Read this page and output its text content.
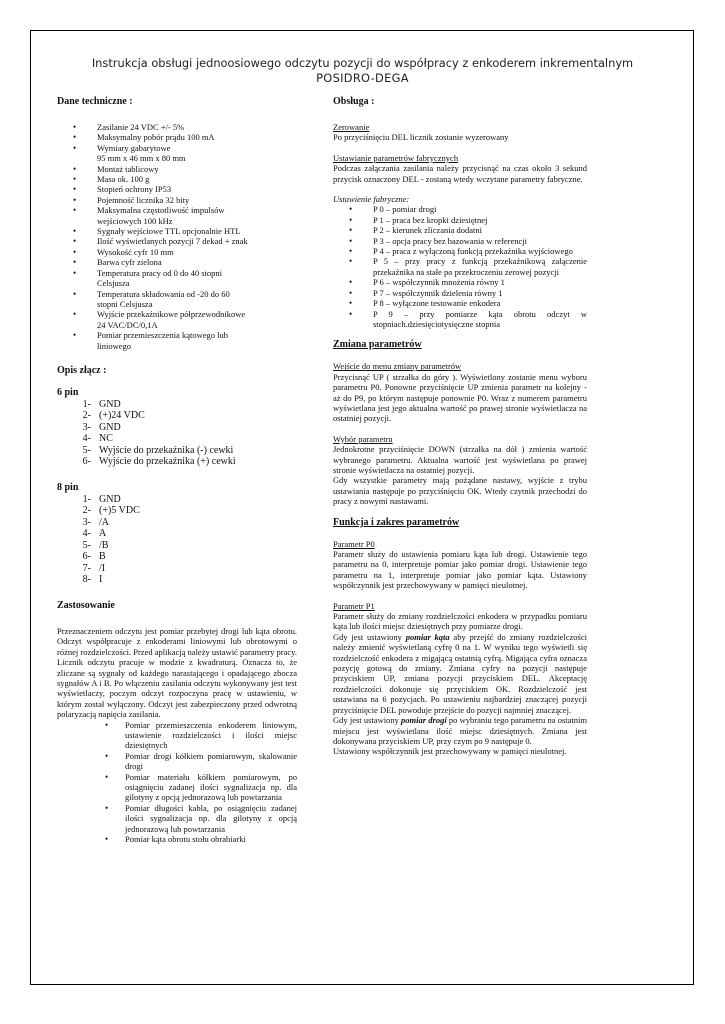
Instrukcja obsługi jednoosiowego odczytu pozycji do współpracy z enkoderem inkrementalnym
POSIDRO-DEGA

Dane techniczne :

• Zasilanie 24 VDC +/- 5%
• Maksymalny pobór prądu 100 mA
• Wymiary gabarytowe
95 mm x 46 mm x 80 mm
• Montaż tablicowy
• Masa ok. 100 g
• Stopień ochrony IP53
• Pojemność licznika 32 bity
• Maksymalna częstotliwość impulsów
wejściowych 100 kHz
• Sygnały wejściowe TTL opcjonalnie HTL
• Ilość wyświetlanych pozycji 7 dekad + znak
• Wysokość cyfr 10 mm
• Barwa cyfr zielona
• Temperatura pracy od 0 do 40 stopni
Celsjusza
• Temperatura składowania od -20 do 60
stopni Celsjusza
• Wyjście przekaźnikowe półprzewodnikowe
24 VAC/DC/0,1A
• Pomiar przemieszczenia kątowego lub
liniowego

Opis złącz :

6 pin

1- GND
2- (+)24 VDC
3- GND
4- NC
5- Wyjście do przekaźnika (-) cewki
6- Wyjście do przekaźnika (+) cewki

8 pin

1- GND
2- (+)5 VDC
3- /A
4- A
5- /B
6- B
7- /I
8- I

Zastosowanie

Przeznaczeniem odczytu jest pomiar przebytej drogi lub kąta obrotu. Odczyt współpracuje z enkoderami liniowymi lub obrotowymi o różnej rozdzielczości. Przed aplikacją należy ustawić parametry pracy. Licznik odczytu pracuje w modzie z kwadraturą. Oznacza to, że zliczane są sygnały od każdego narastającego i opadającego zbocza sygnałów A i B. Po włączeniu zasilania odczytu wykonywany jest test wyświetlaczy, poczym odczyt rozpoczyna pracę w ustawieniu, w którym został wyłączony. Odczyt jest zabezpieczony przed odwrotną polaryzacją napięcia zasilania.

• Pomiar przemieszczenia enkoderem liniowym, ustawienie rozdzielczości i ilości miejsc dziesiętnych
• Pomiar drogi kółkiem pomiarowym, skalowanie drogi
• Pomiar materiału kółkiem pomiarowym, po osiągnięciu zadanej ilości sygnalizacja np. dla gilotyny z opcją jednorazową lub powtarzania
• Pomiar długości kabla, po osiągnięciu zadanej ilości sygnalizacja np. dla gilotyny z opcją jednorazową lub powtarzania
• Pomiar kąta obrotu stołu obrabiarki

Obsługa :

Zerowanie

Po przyciśnięciu DEL licznik zostanie wyzerowany

Ustawianie parametrów fabrycznych

Podczas załączania zasilania należy przycisnąć na czas około 3 sekund przycisk oznaczony DEL - zostaną wtedy wczytane parametry fabryczne.

Ustawienie fabryczne:

• P 0 – pomiar drogi
• P 1 – praca bez kropki dziesiętnej
• P 2 – kierunek zliczania dodatni
• P 3 – opcja pracy bez bazowania w referencji
• P 4 – praca z wyłączoną funkcją przekaźnika wyjściowego
• P 5 – przy pracy z funkcją przekaźnikową załączenie przekaźnika na stałe po przekroczeniu zerowej pozycji
• P 6 – współczynnik mnożenia równy 1
• P 7 – współczynnik dzielenia równy 1
• P 8 – wyłączone testowanie enkodera
• P 9 – przy pomiarze kąta obrotu odczyt w stopniach.dziesięciotysięczne stopnia

Zmiana parametrów

Wejście do menu zmiany parametrów

Przycisnąć UP ( strzałka do góry ). Wyświetlony zostanie menu wyboru parametru P0. Ponowne przyciśnięcie UP zmienia parametr na kolejny - aż do P9, po którym następuje ponownie P0. Wraz z numerem parametru wyświetlana jest jego aktualna wartość po prawej stronie wyświetlacza na ostatniej pozycji.

Wybór parametru

Jednokrotne przyciśnięcie DOWN (strzałka na dół ) zmienia wartość wybranego parametru. Aktualna wartość jest wyświetlana po prawej stronie wyświetlacza na ostatniej pozycji.

Gdy wszystkie parametry mają pożądane nastawy, wyjście z trybu ustawiania następuje po przyciśnięciu OK. Wtedy czytnik przechodzi do pracy z nowymi nastawami.

Funkcja i zakres parametrów

Parametr P0

Parametr służy do ustawienia pomiaru kąta lub drogi. Ustawienie tego parametru na 0, interpretuje pomiar jako pomiar drogi. Ustawienie tego parametru na 1, interpretuje pomiar jako pomiar kąta. Ustawiony współczynnik jest przechowywany w pamięci nieulotnej.

Parametr P1

Parametr służy do zmiany rozdzielczości enkodera w przypadku pomiaru kąta lub ilości miejsc dziesiętnych przy pomiarze drogi.

Gdy jest ustawiony pomiar kąta aby przejść do zmiany rozdzielczości należy zmienić wyświetlaną cyfrę 0 na 1. W wyniku tego wyświetli się rozdzielczość enkodera z migającą ostatnią cyfrą. Migająca cyfra oznacza pozycję gotową do zmiany. Zmiana cyfry na pozycji następuje przyciskiem UP, zmiana pozycji przyciskiem DEL. Akceptację rozdzielczości dokonuje się przyciskiem OK. Rozdzielczość jest ustawiana na 6 pozycjach. Po ustawieniu najbardziej znaczącej pozycji przyciśnięcie DEL powoduje przejście do pozycji najmniej znaczącej.

Gdy jest ustawiony pomiar drogi po wybraniu tego parametru na ostatnim miejscu jest wyświetlana ilość miejsc dziesiętnych. Zmiana jest dokonywana przyciskiem UP, przy czym po 9 następuje 0.

Ustawiony współczynnik jest przechowywany w pamięci nieulotnej.
